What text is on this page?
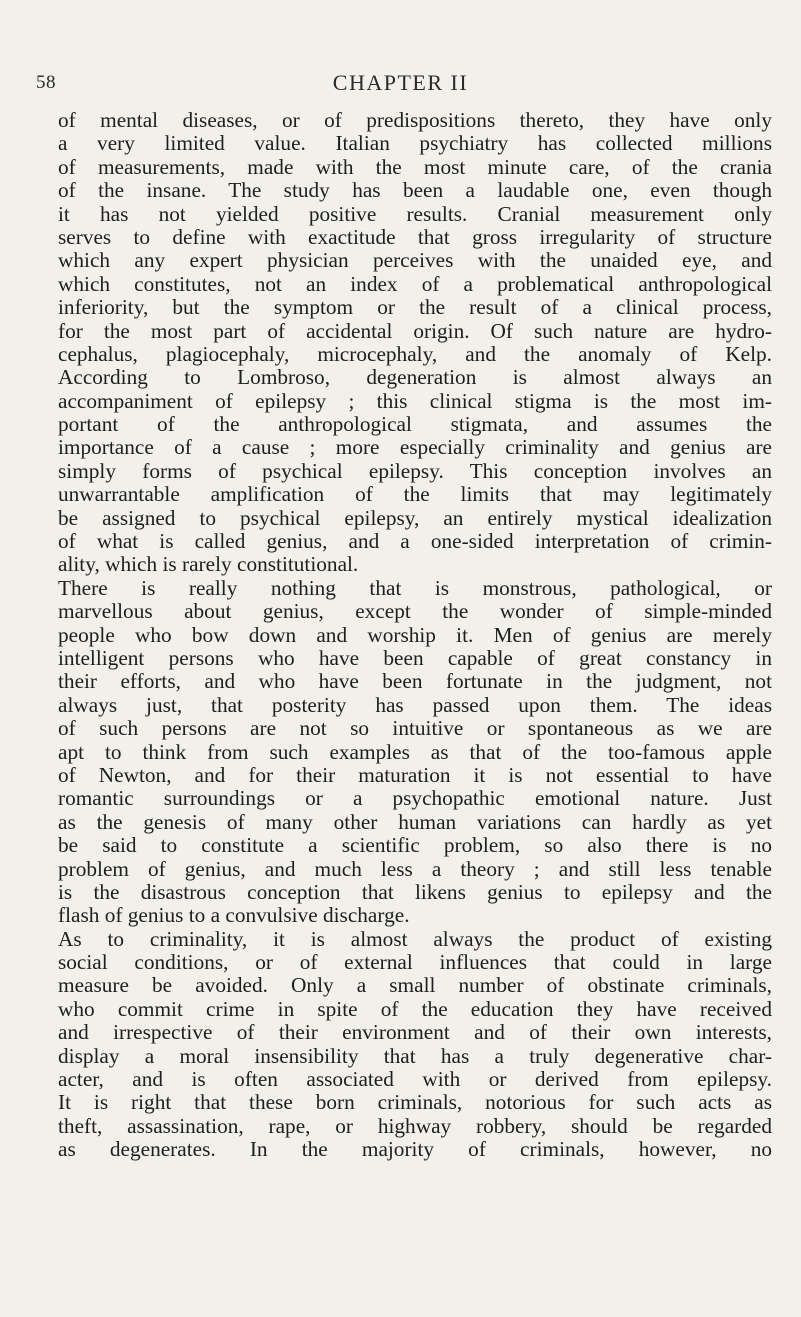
58	CHAPTER II
of mental diseases, or of predispositions thereto, they have only
a very limited value. Italian psychiatry has collected millions
of measurements, made with the most minute care, of the crania
of the insane. The study has been a laudable one, even though
it has not yielded positive results. Cranial measurement only
serves to define with exactitude that gross irregularity of structure
which any expert physician perceives with the unaided eye, and
which constitutes, not an index of a problematical anthropological
inferiority, but the symptom or the result of a clinical process,
for the most part of accidental origin. Of such nature are hydro-
cephalus, plagiocephaly, microcephaly, and the anomaly of Kelp.
According to Lombroso, degeneration is almost always an
accompaniment of epilepsy ; this clinical stigma is the most im-
portant of the anthropological stigmata, and assumes the
importance of a cause ; more especially criminality and genius are
simply forms of psychical epilepsy. This conception involves an
unwarrantable amplification of the limits that may legitimately
be assigned to psychical epilepsy, an entirely mystical idealization
of what is called genius, and a one-sided interpretation of crimin-
ality, which is rarely constitutional.
There is really nothing that is monstrous, pathological, or
marvellous about genius, except the wonder of simple-minded
people who bow down and worship it. Men of genius are merely
intelligent persons who have been capable of great constancy in
their efforts, and who have been fortunate in the judgment, not
always just, that posterity has passed upon them. The ideas
of such persons are not so intuitive or spontaneous as we are
apt to think from such examples as that of the too-famous apple
of Newton, and for their maturation it is not essential to have
romantic surroundings or a psychopathic emotional nature. Just
as the genesis of many other human variations can hardly as yet
be said to constitute a scientific problem, so also there is no
problem of genius, and much less a theory ; and still less tenable
is the disastrous conception that likens genius to epilepsy and the
flash of genius to a convulsive discharge.
As to criminality, it is almost always the product of existing
social conditions, or of external influences that could in large
measure be avoided. Only a small number of obstinate criminals,
who commit crime in spite of the education they have received
and irrespective of their environment and of their own interests,
display a moral insensibility that has a truly degenerative char-
acter, and is often associated with or derived from epilepsy.
It is right that these born criminals, notorious for such acts as
theft, assassination, rape, or highway robbery, should be regarded
as degenerates. In the majority of criminals, however, no
